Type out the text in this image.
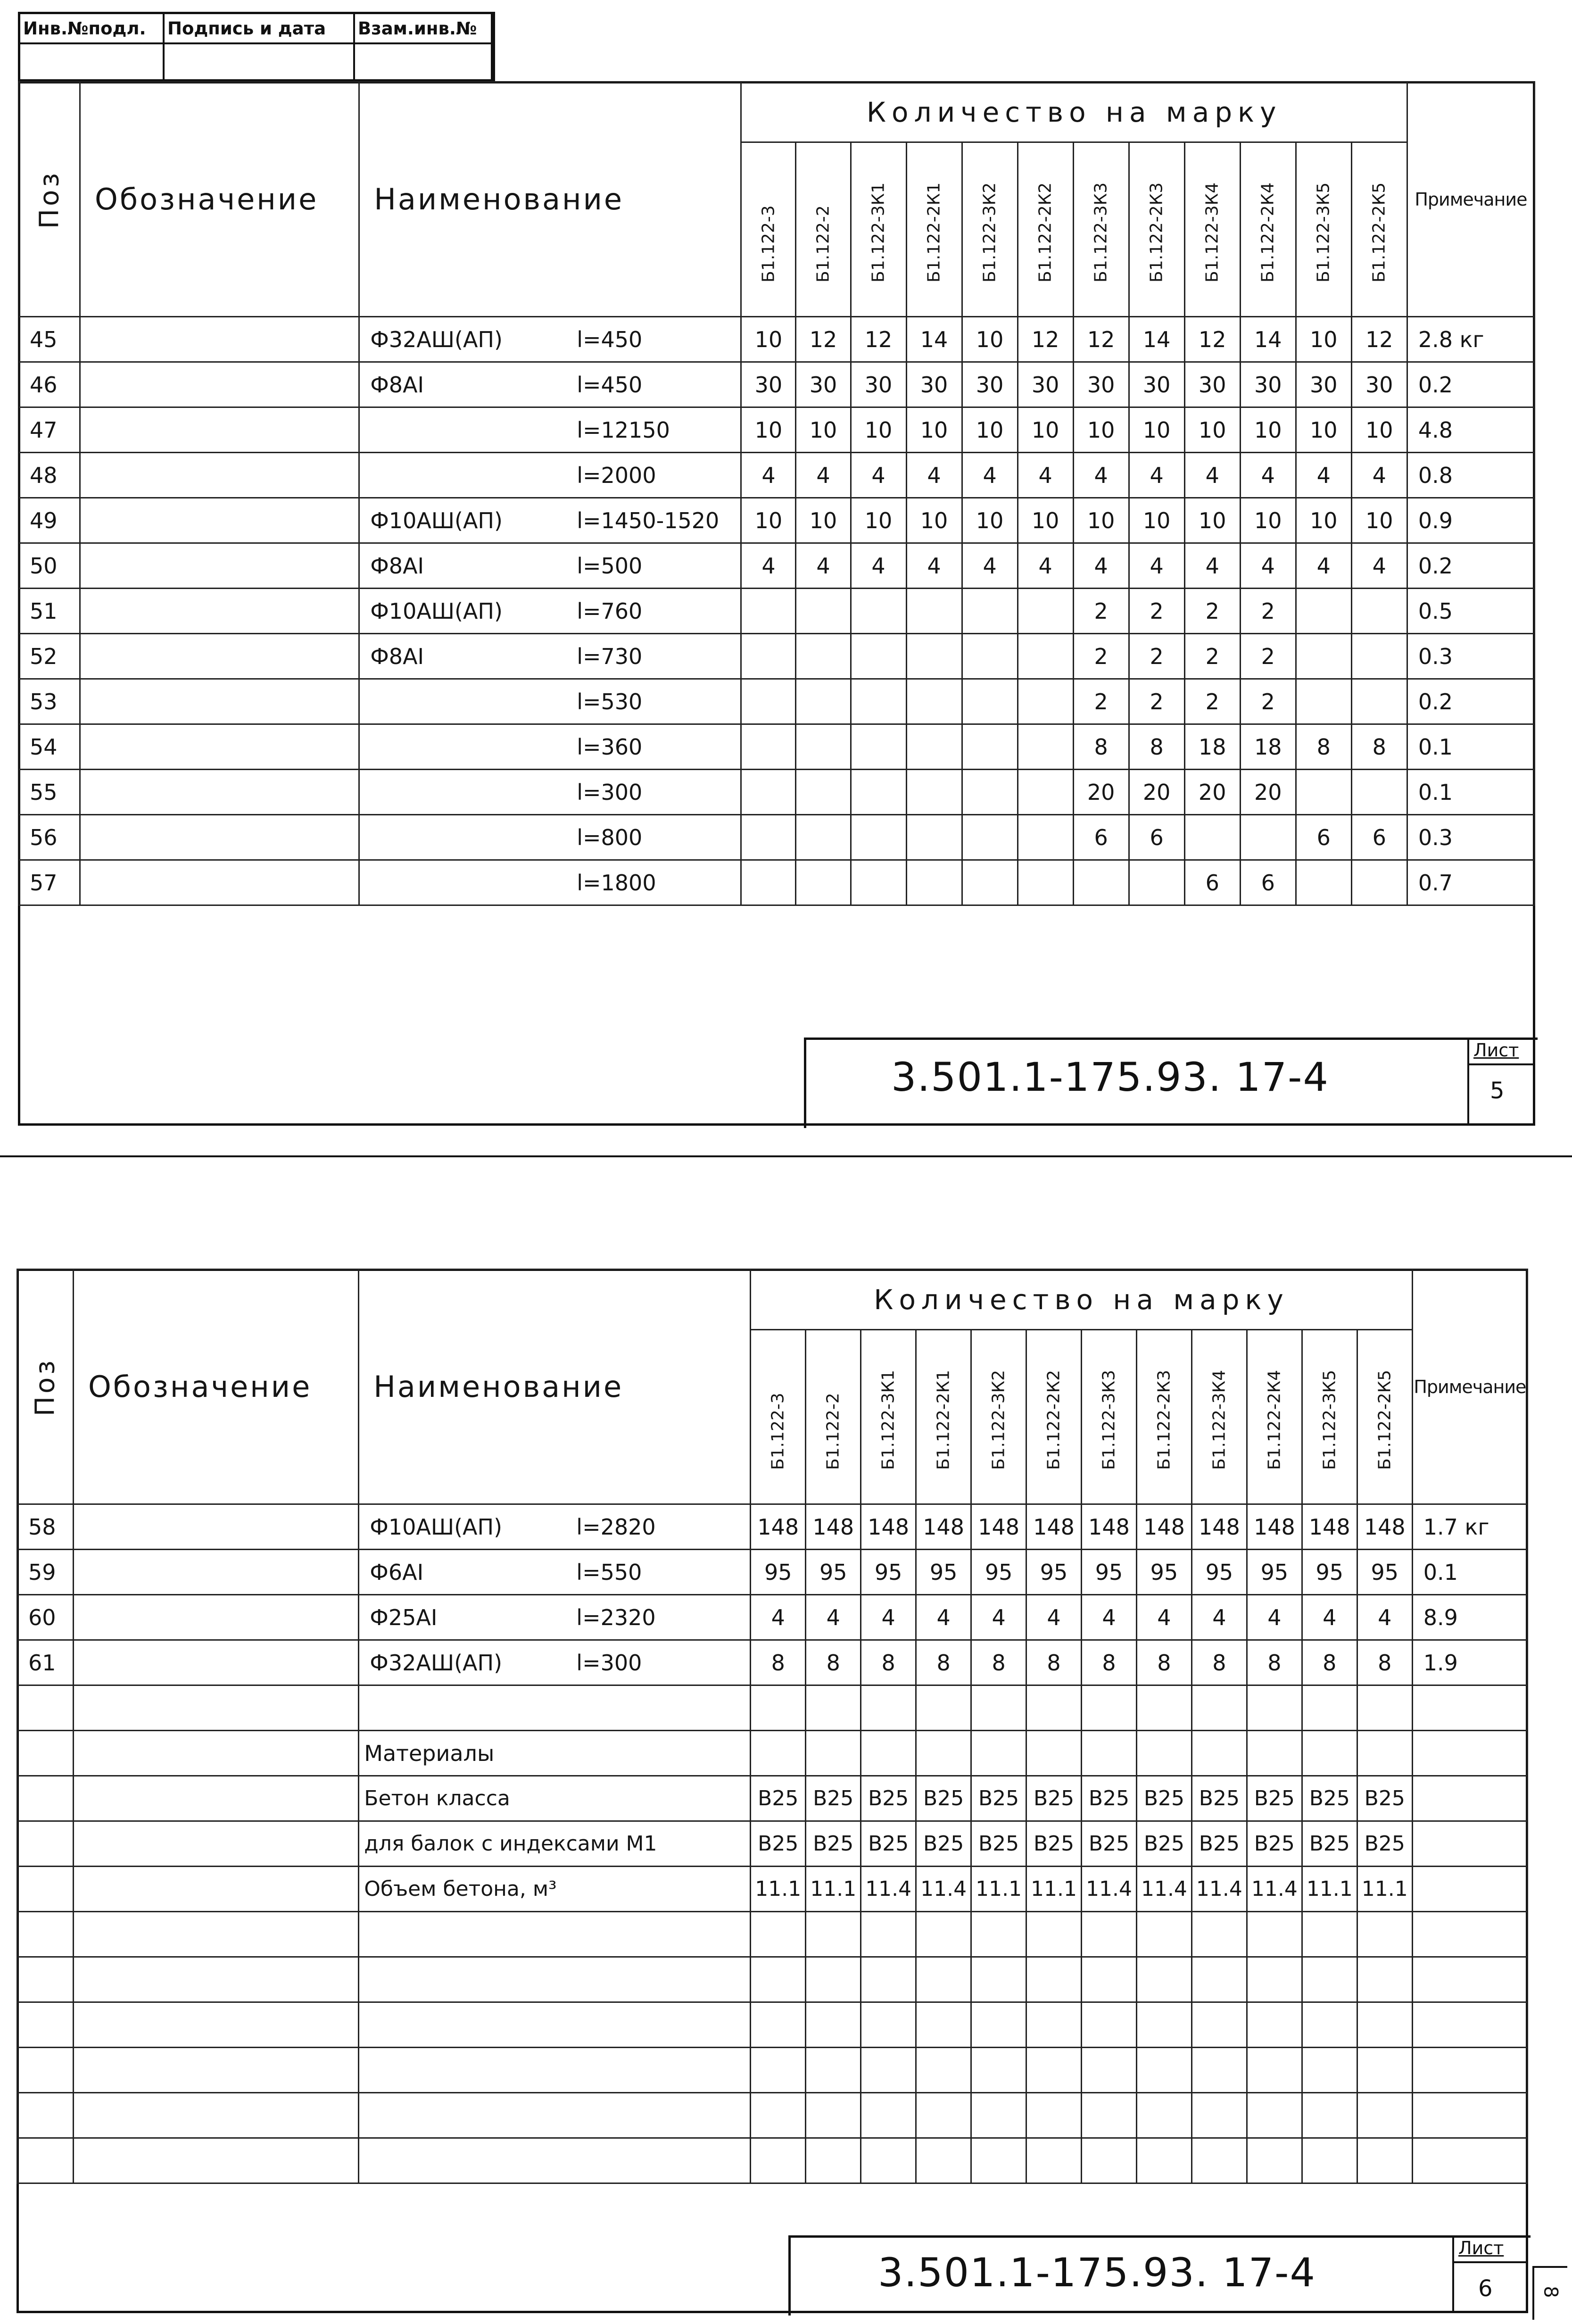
Инв.№подл.	Подпись и дата	Взам.инв.№
Поз	Обозначение	Наименование	Количество на марку												Примечание

			Б1.122-3	Б1.122-2	Б1.122-3К1	Б1.122-2К1	Б1.122-3К2	Б1.122-2К2	Б1.122-3К3	Б1.122-2К3	Б1.122-3К4	Б1.122-2К4	Б1.122-3К5	Б1.122-2К5	

45		Ф32АШ(АП) l=450	10	12	12	14	10	12	12	14	12	14	10	12	2.8 кг
46		Ф8АI l=450	30	30	30	30	30	30	30	30	30	30	30	30	0.2
47		l=12150	10	10	10	10	10	10	10	10	10	10	10	10	4.8
48		l=2000	4	4	4	4	4	4	4	4	4	4	4	4	0.8
49		Ф10АШ(АП) l=1450-1520	10	10	10	10	10	10	10	10	10	10	10	10	0.9
50		Ф8АI l=500	4	4	4	4	4	4	4	4	4	4	4	4	0.2
51		Ф10АШ(АП) l=760							2	2	2	2			0.5
52		Ф8АI l=730							2	2	2	2			0.3
53		l=530							2	2	2	2			0.2
54		l=360							8	8	18	18	8	8	0.1
55		l=300							20	20	20	20			0.1
56		l=800							6	6			6	6	0.3
57		l=1800									6	6			0.7
3.501.1-175.93. 17-4
Лист
5
Поз	Обозначение	Наименование	Количество на марку												Примечание

			Б1.122-3	Б1.122-2	Б1.122-3К1	Б1.122-2К1	Б1.122-3К2	Б1.122-2К2	Б1.122-3К3	Б1.122-2К3	Б1.122-3К4	Б1.122-2К4	Б1.122-3К5	Б1.122-2К5	

58		Ф10АШ(АП) l=2820	148	148	148	148	148	148	148	148	148	148	148	148	1.7 кг
59		Ф6АI l=550	95	95	95	95	95	95	95	95	95	95	95	95	0.1
60		Ф25АI l=2320	4	4	4	4	4	4	4	4	4	4	4	4	8.9
61		Ф32АШ(АП) l=300	8	8	8	8	8	8	8	8	8	8	8	8	1.9

		Материалы													
		Бетон класса	B25	B25	B25	B25	B25	B25	B25	B25	B25	B25	B25	B25	
		для балок с индексами М1	B25	B25	B25	B25	B25	B25	B25	B25	B25	B25	B25	B25	
		Объем бетона, м³	11.1	11.1	11.4	11.4	11.1	11.1	11.4	11.4	11.4	11.4	11.1	11.1	

3.501.1-175.93. 17-4
Лист
6	8
